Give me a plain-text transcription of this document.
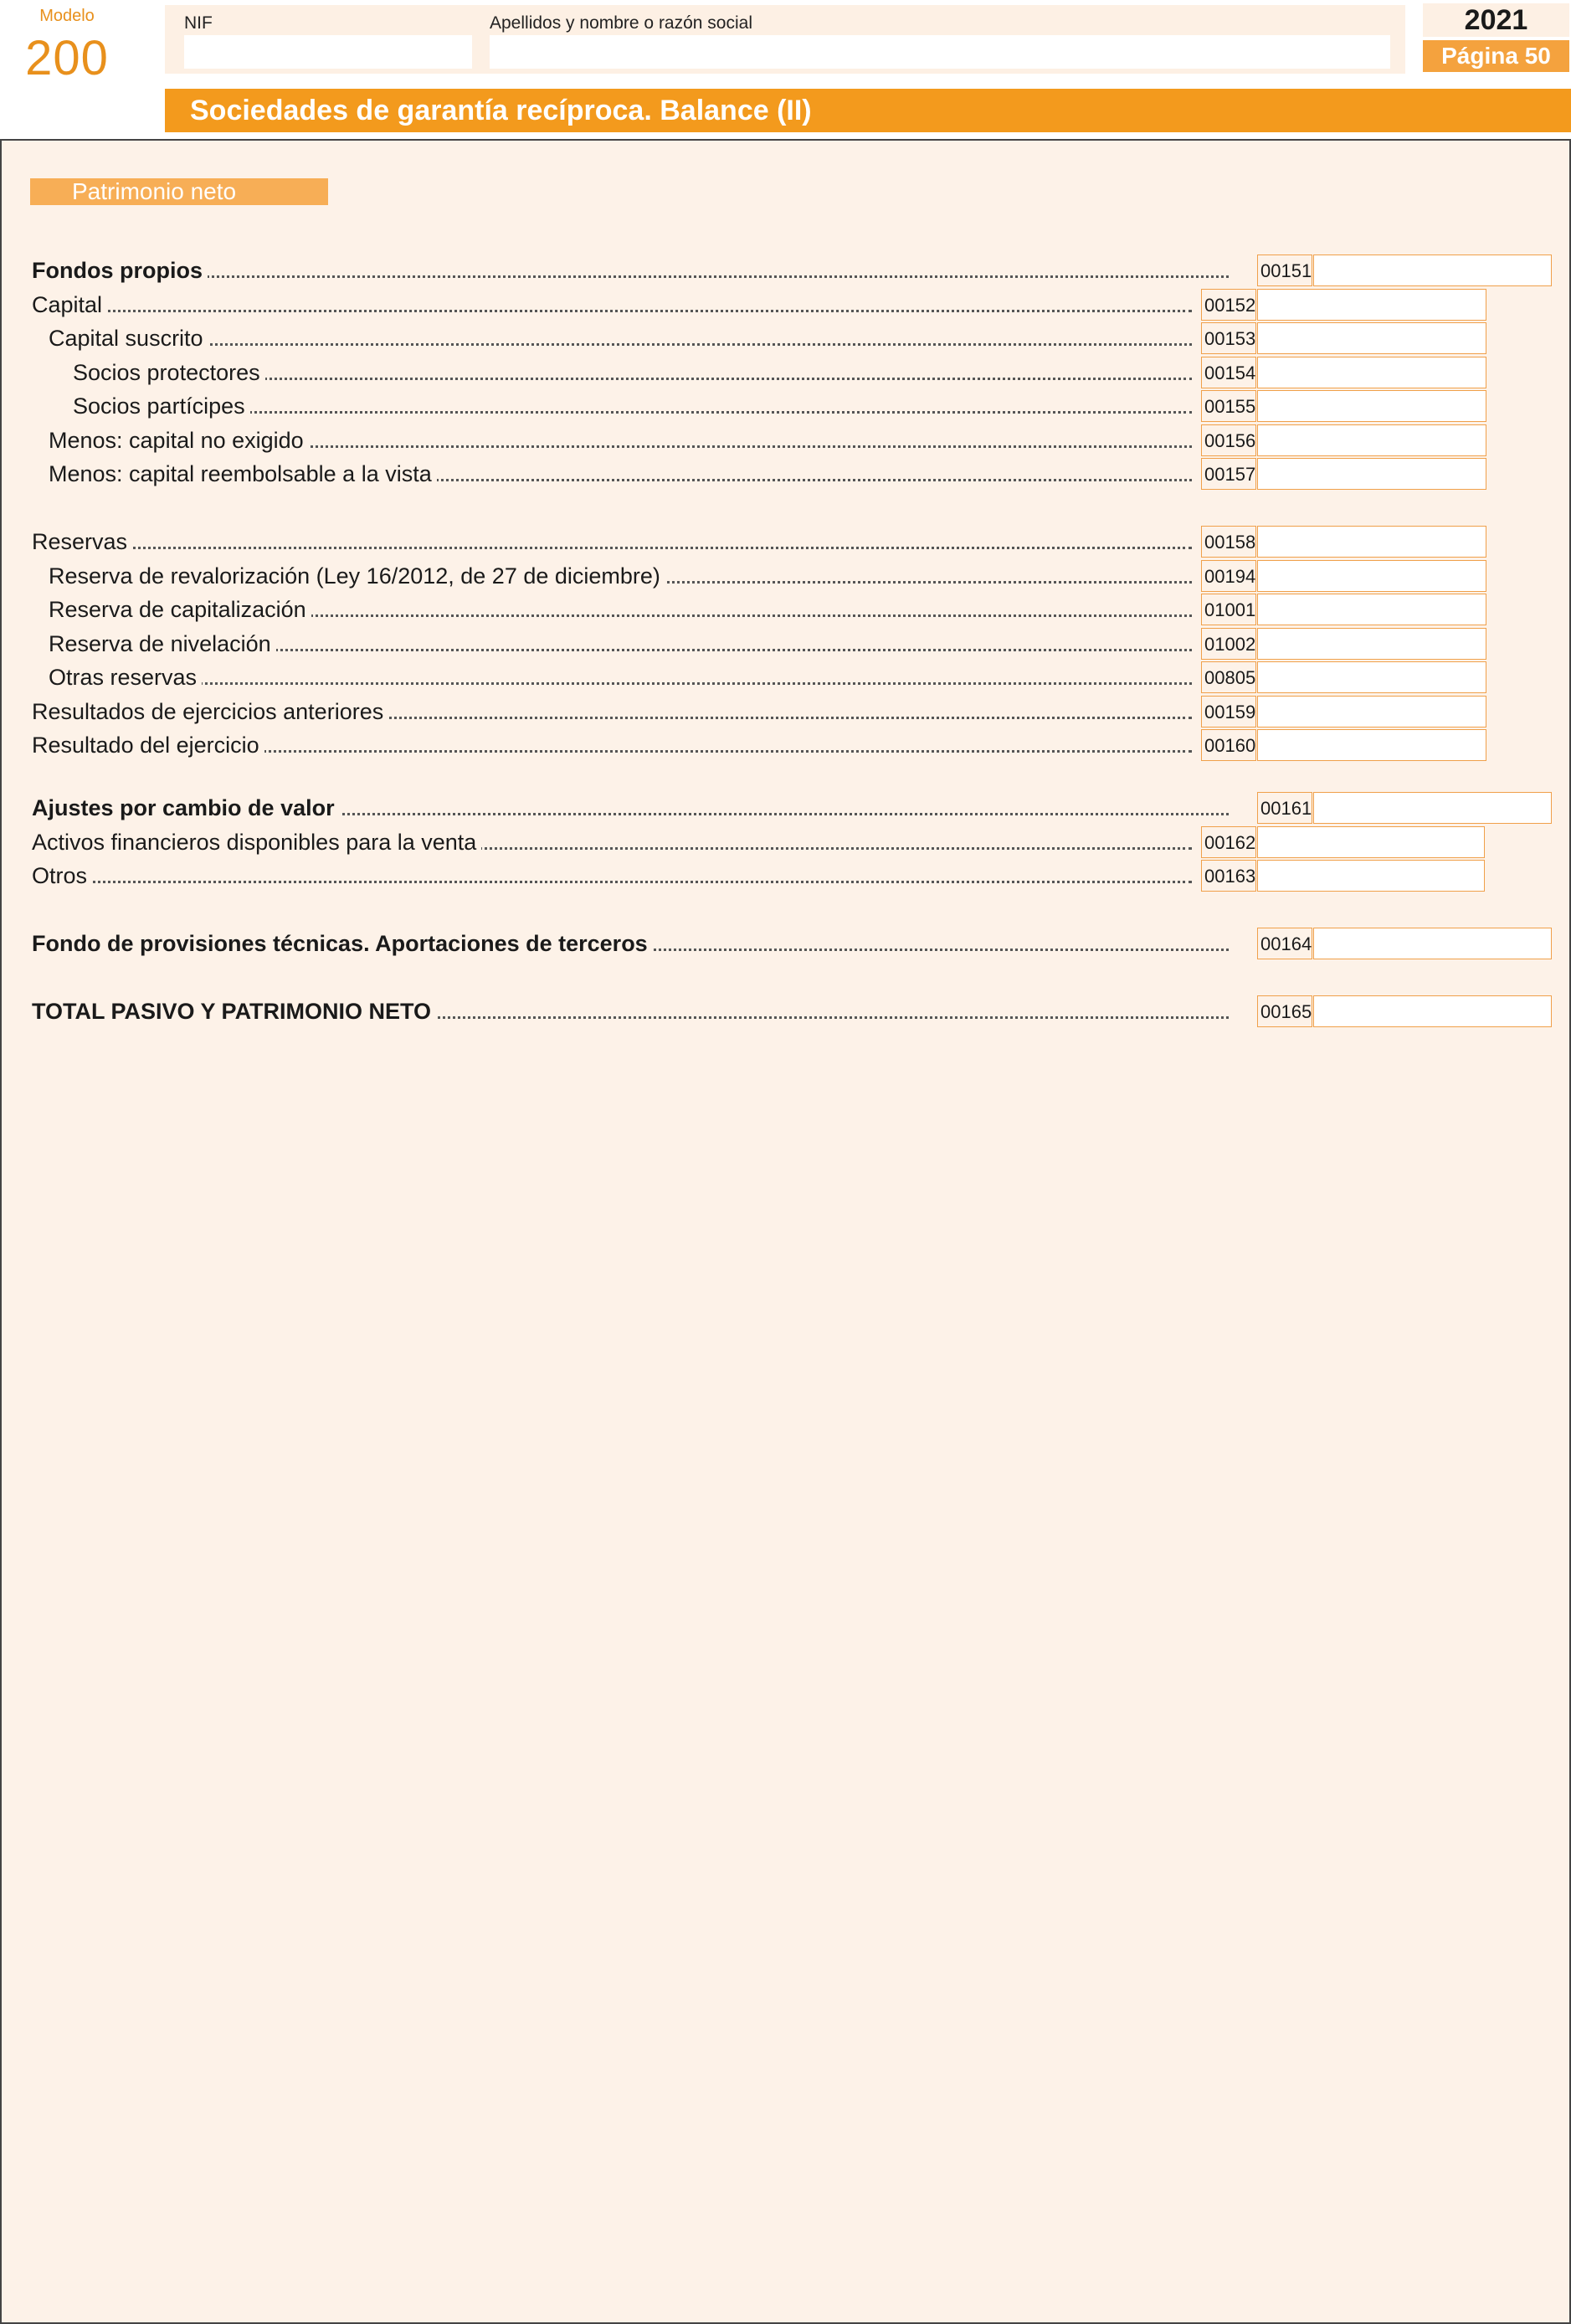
Modelo
200
NIF	Apellidos y nombre o razón social	2021
Página 50
Sociedades de garantía recíproca. Balance (II)
Patrimonio neto
Fondos propios	00151
Capital	00152
Capital suscrito	00153
Socios protectores	00154
Socios partícipes	00155
Menos: capital no exigido	00156
Menos: capital reembolsable a la vista	00157
Reservas	00158
Reserva de revalorización (Ley 16/2012, de 27 de diciembre)	00194
Reserva de capitalización	01001
Reserva de nivelación	01002
Otras reservas	00805
Resultados de ejercicios anteriores	00159
Resultado del ejercicio	00160
Ajustes por cambio de valor	00161
Activos financieros disponibles para la venta	00162
Otros	00163
Fondo de provisiones técnicas. Aportaciones de terceros	00164
TOTAL PASIVO Y PATRIMONIO NETO	00165
